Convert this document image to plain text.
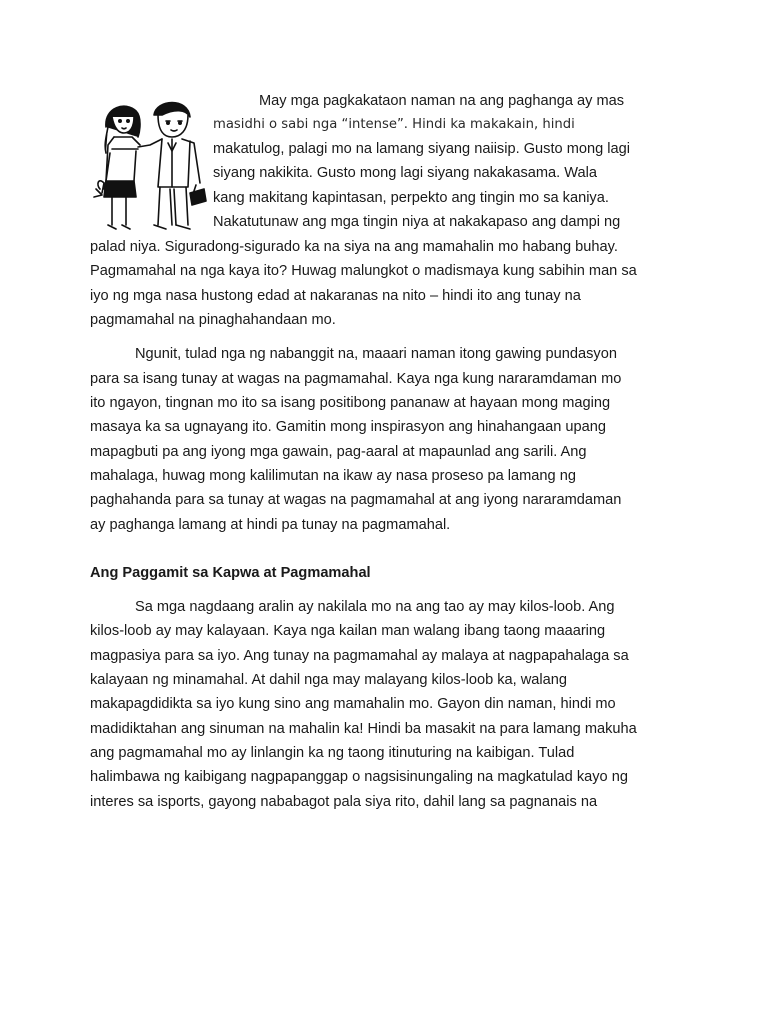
May mga pagkakataon naman na ang paghanga ay mas

masidhi o sabi nga “intense”. Hindi ka makakain, hindi

makatulog, palagi mo na lamang siyang naiisip. Gusto mong lagi

siyang nakikita. Gusto mong lagi siyang nakakasama. Wala

kang makitang kapintasan, perpekto ang tingin mo sa kaniya.

Nakatutunaw ang mga tingin niya at nakakapaso ang dampi ng

palad niya. Siguradong-sigurado ka na siya na ang mamahalin mo habang buhay.

Pagmamahal na nga kaya ito? Huwag malungkot o madismaya kung sabihin man sa

iyo ng mga nasa hustong edad at nakaranas na nito – hindi ito ang tunay na

pagmamahal na pinaghahandaan mo.

Ngunit, tulad nga ng nabanggit na, maaari naman itong gawing pundasyon

para sa isang tunay at wagas na pagmamahal. Kaya nga kung nararamdaman mo

ito ngayon, tingnan mo ito sa isang positibong pananaw at hayaan mong maging

masaya ka sa ugnayang ito. Gamitin mong inspirasyon ang hinahangaan upang

mapagbuti pa ang iyong mga gawain, pag-aaral at mapaunlad ang sarili. Ang

mahalaga, huwag mong kalilimutan na ikaw ay nasa proseso pa lamang ng

paghahanda para sa tunay at wagas na pagmamahal at ang iyong nararamdaman

ay paghanga lamang at hindi pa tunay na pagmamahal.

Ang Paggamit sa Kapwa at Pagmamahal

Sa mga nagdaang aralin ay nakilala mo na ang tao ay may kilos-loob. Ang

kilos-loob ay may kalayaan. Kaya nga kailan man walang ibang taong maaaring

magpasiya para sa iyo. Ang tunay na pagmamahal ay malaya at nagpapahalaga sa

kalayaan ng minamahal. At dahil nga may malayang kilos-loob ka, walang

makapagdidikta sa iyo kung sino ang mamahalin mo. Gayon din naman, hindi mo

madidiktahan ang sinuman na mahalin ka! Hindi ba masakit na para lamang makuha

ang pagmamahal mo ay linlangin ka ng taong itinuturing na kaibigan. Tulad

halimbawa ng kaibigang nagpapanggap o nagsisinungaling na magkatulad kayo ng

interes sa isports, gayong nababagot pala siya rito, dahil lang sa pagnanais na
